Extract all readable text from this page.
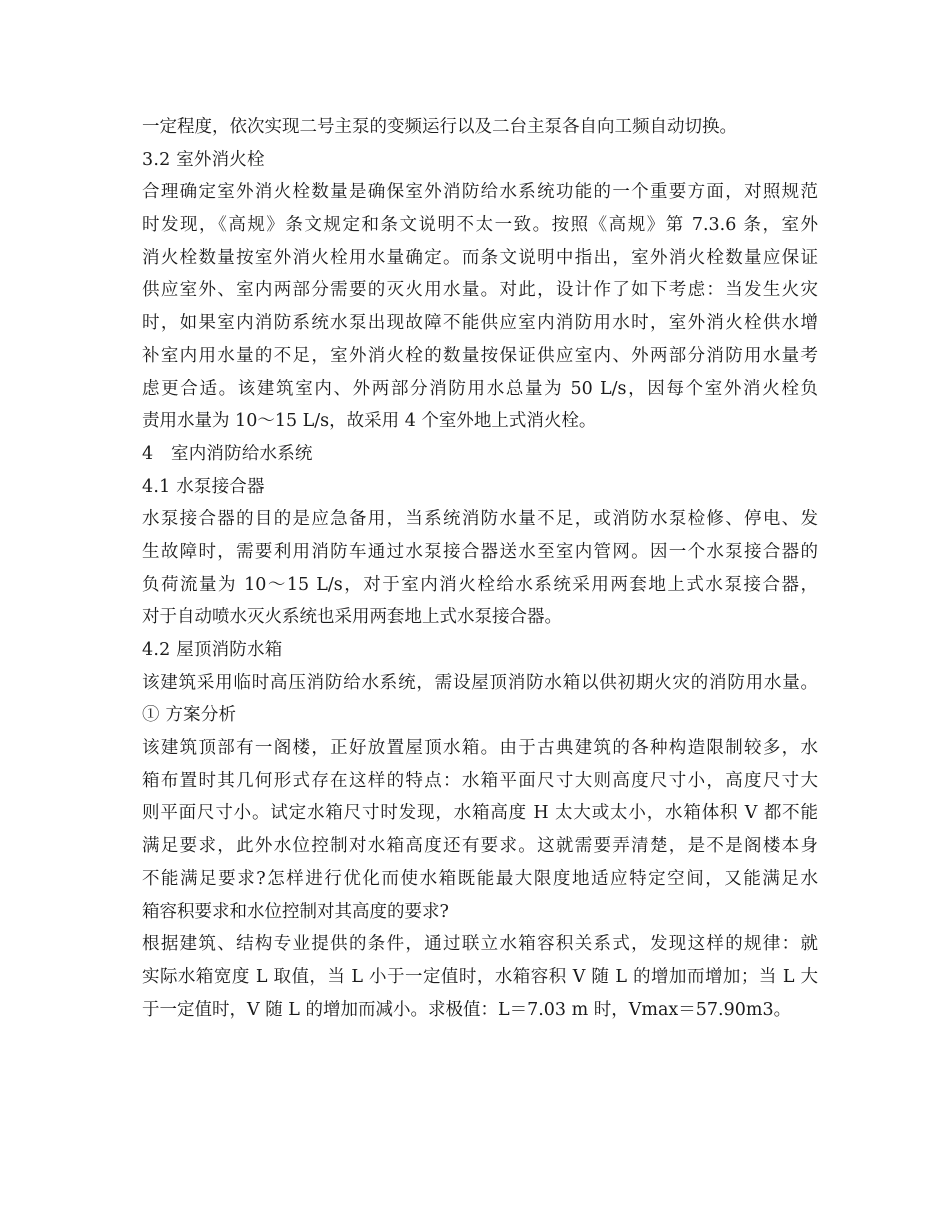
一定程度，依次实现二号主泵的变频运行以及二台主泵各自向工频自动切换。
3.2 室外消火栓
合理确定室外消火栓数量是确保室外消防给水系统功能的一个重要方面，对照规范
时发现，《高规》条文规定和条文说明不太一致。按照《高规》第 7.3.6 条，室外
消火栓数量按室外消火栓用水量确定。而条文说明中指出，室外消火栓数量应保证
供应室外、室内两部分需要的灭火用水量。对此，设计作了如下考虑：当发生火灾
时，如果室内消防系统水泵出现故障不能供应室内消防用水时，室外消火栓供水增
补室内用水量的不足，室外消火栓的数量按保证供应室内、外两部分消防用水量考
虑更合适。该建筑室内、外两部分消防用水总量为 50 L/s，因每个室外消火栓负
责用水量为 10～15 L/s，故采用 4 个室外地上式消火栓。
4　室内消防给水系统
4.1 水泵接合器
水泵接合器的目的是应急备用，当系统消防水量不足，或消防水泵检修、停电、发
生故障时，需要利用消防车通过水泵接合器送水至室内管网。因一个水泵接合器的
负荷流量为 10～15 L/s，对于室内消火栓给水系统采用两套地上式水泵接合器，
对于自动喷水灭火系统也采用两套地上式水泵接合器。
4.2 屋顶消防水箱
该建筑采用临时高压消防给水系统，需设屋顶消防水箱以供初期火灾的消防用水量。
① 方案分析
该建筑顶部有一阁楼，正好放置屋顶水箱。由于古典建筑的各种构造限制较多，水
箱布置时其几何形式存在这样的特点：水箱平面尺寸大则高度尺寸小，高度尺寸大
则平面尺寸小。试定水箱尺寸时发现，水箱高度 H 太大或太小，水箱体积 V 都不能
满足要求，此外水位控制对水箱高度还有要求。这就需要弄清楚，是不是阁楼本身
不能满足要求?怎样进行优化而使水箱既能最大限度地适应特定空间，又能满足水
箱容积要求和水位控制对其高度的要求?
根据建筑、结构专业提供的条件，通过联立水箱容积关系式，发现这样的规律：就
实际水箱宽度 L 取值，当 L 小于一定值时，水箱容积 V 随 L 的增加而增加；当 L 大
于一定值时，V 随 L 的增加而减小。求极值：L＝7.03 m 时，Vmax＝57.90m3。
